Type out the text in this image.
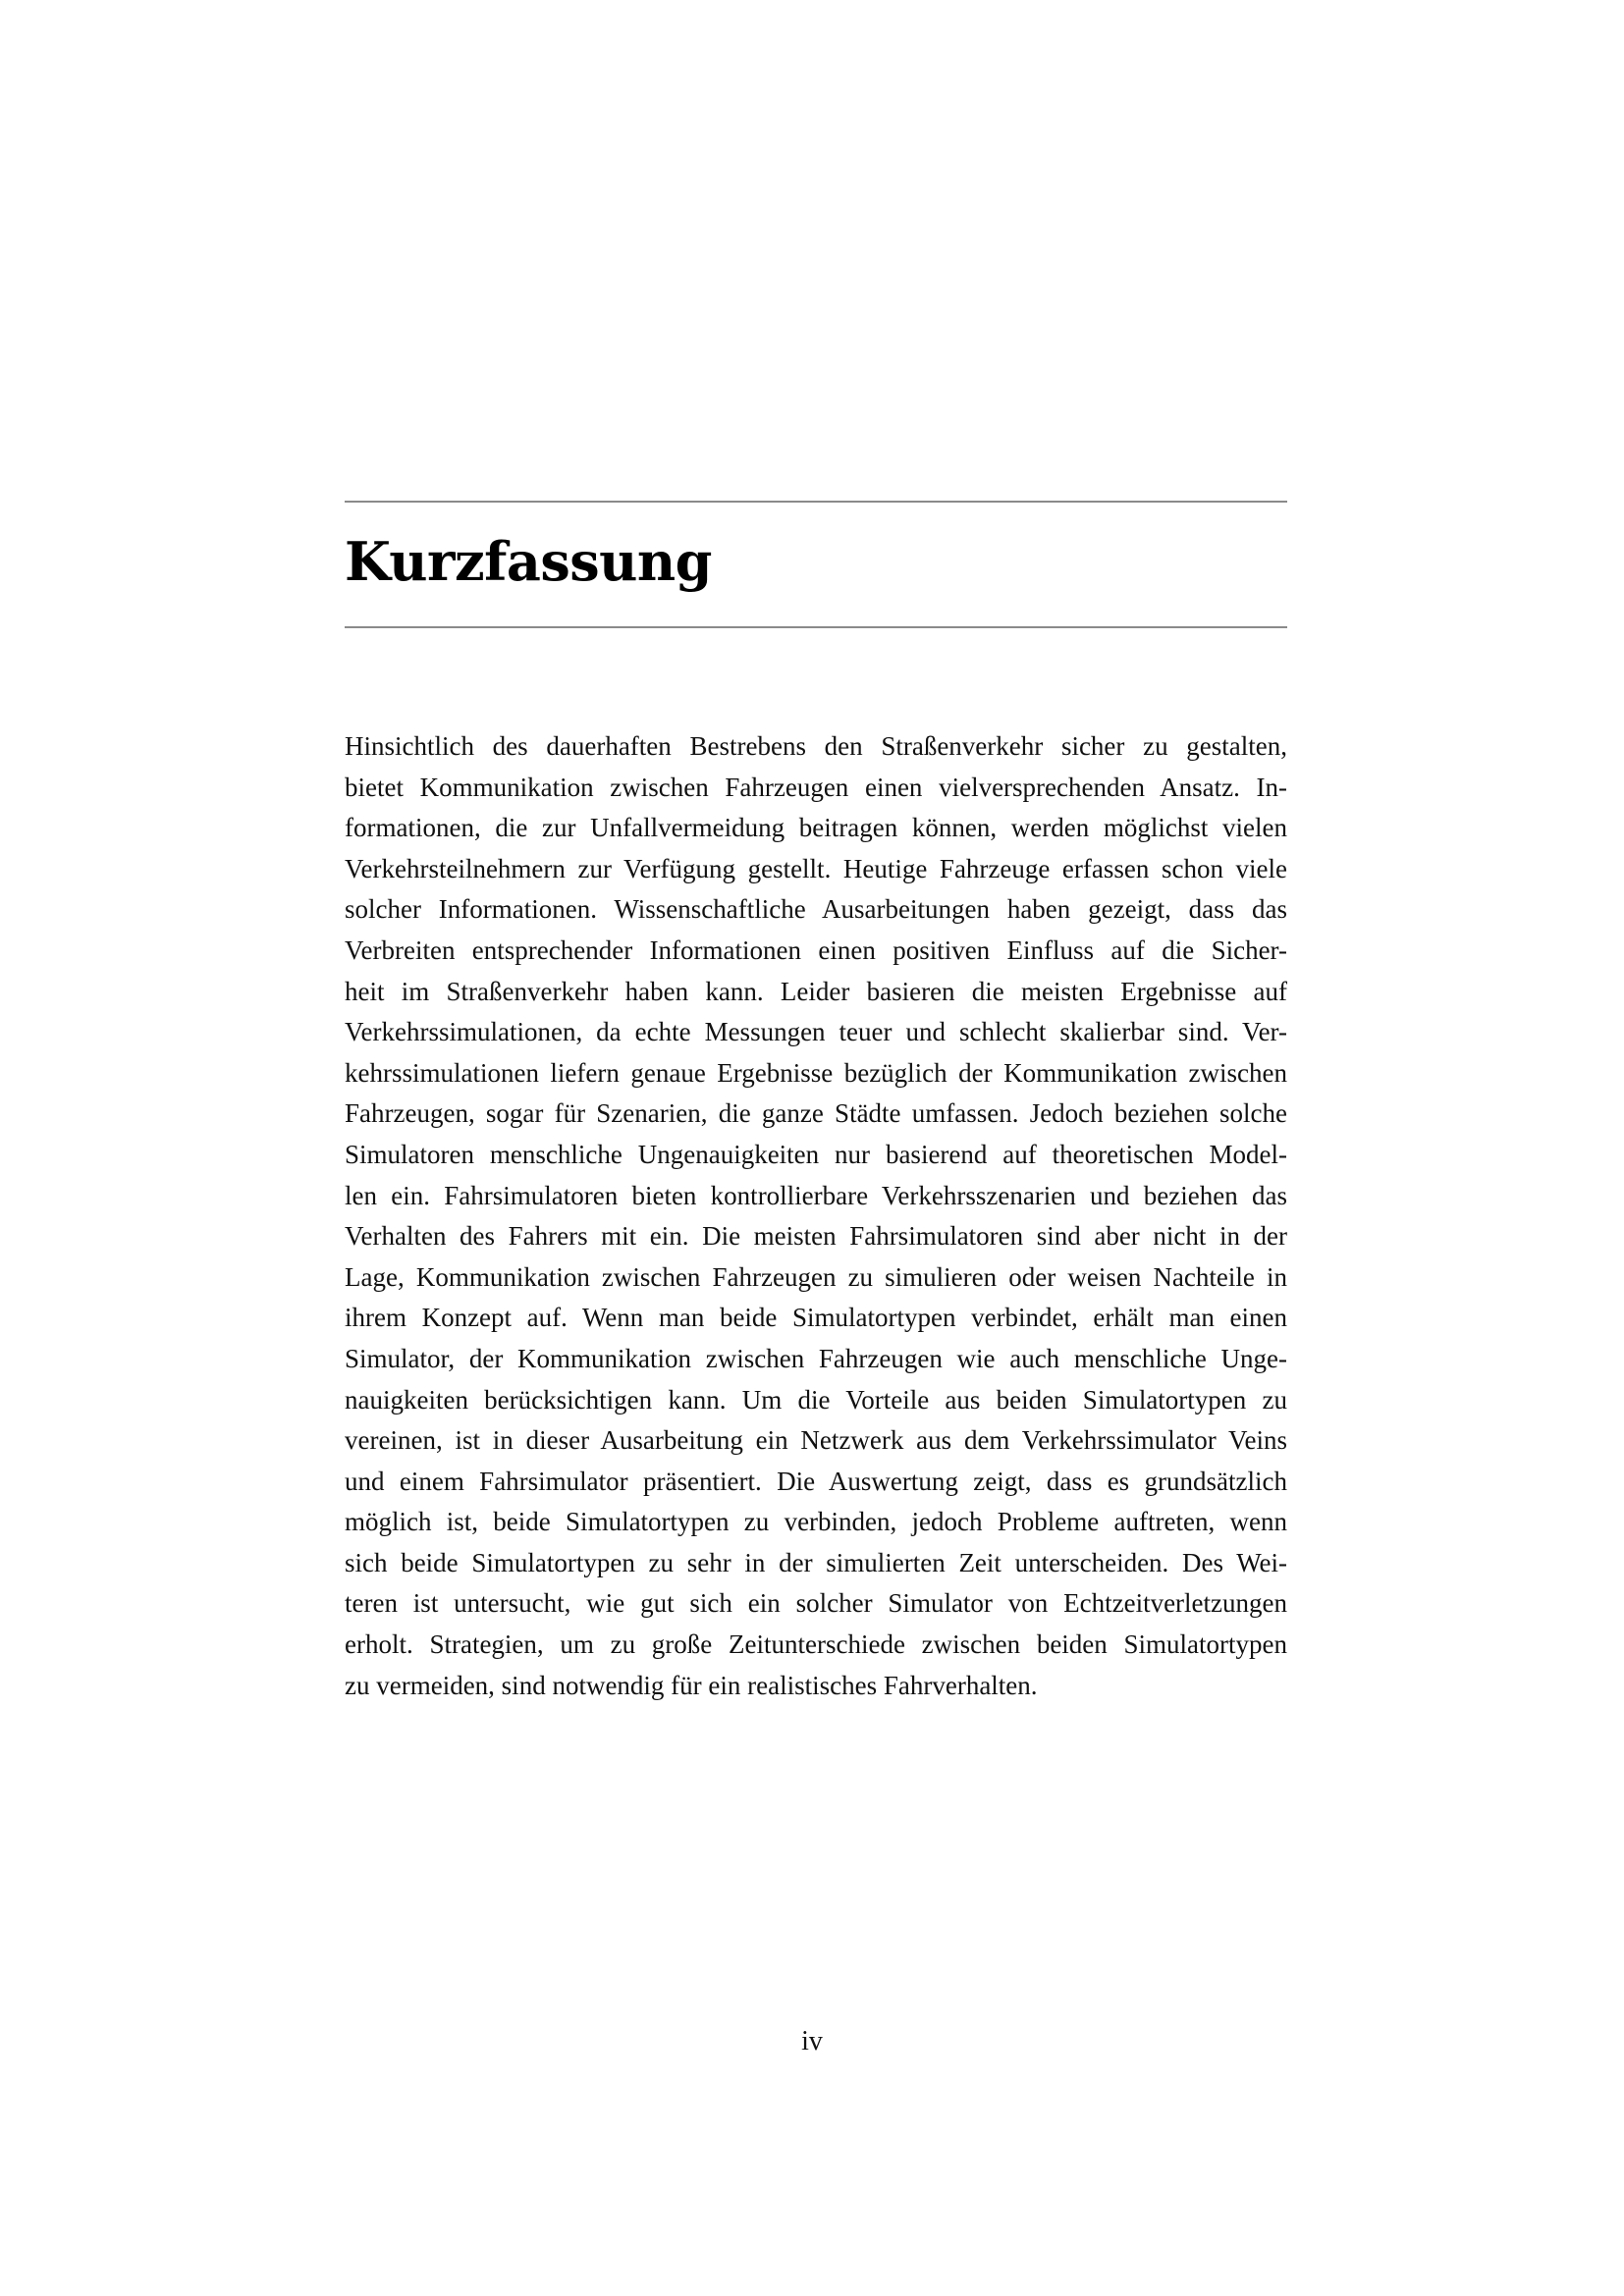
Kurzfassung
Hinsichtlich des dauerhaften Bestrebens den Straßenverkehr sicher zu gestalten,
bietet Kommunikation zwischen Fahrzeugen einen vielversprechenden Ansatz. In-
formationen, die zur Unfallvermeidung beitragen können, werden möglichst vielen
Verkehrsteilnehmern zur Verfügung gestellt. Heutige Fahrzeuge erfassen schon viele
solcher Informationen. Wissenschaftliche Ausarbeitungen haben gezeigt, dass das
Verbreiten entsprechender Informationen einen positiven Einfluss auf die Sicher-
heit im Straßenverkehr haben kann. Leider basieren die meisten Ergebnisse auf
Verkehrssimulationen, da echte Messungen teuer und schlecht skalierbar sind. Ver-
kehrssimulationen liefern genaue Ergebnisse bezüglich der Kommunikation zwischen
Fahrzeugen, sogar für Szenarien, die ganze Städte umfassen. Jedoch beziehen solche
Simulatoren menschliche Ungenauigkeiten nur basierend auf theoretischen Model-
len ein. Fahrsimulatoren bieten kontrollierbare Verkehrsszenarien und beziehen das
Verhalten des Fahrers mit ein. Die meisten Fahrsimulatoren sind aber nicht in der
Lage, Kommunikation zwischen Fahrzeugen zu simulieren oder weisen Nachteile in
ihrem Konzept auf. Wenn man beide Simulatortypen verbindet, erhält man einen
Simulator, der Kommunikation zwischen Fahrzeugen wie auch menschliche Unge-
nauigkeiten berücksichtigen kann. Um die Vorteile aus beiden Simulatortypen zu
vereinen, ist in dieser Ausarbeitung ein Netzwerk aus dem Verkehrssimulator Veins
und einem Fahrsimulator präsentiert. Die Auswertung zeigt, dass es grundsätzlich
möglich ist, beide Simulatortypen zu verbinden, jedoch Probleme auftreten, wenn
sich beide Simulatortypen zu sehr in der simulierten Zeit unterscheiden. Des Wei-
teren ist untersucht, wie gut sich ein solcher Simulator von Echtzeitverletzungen
erholt. Strategien, um zu große Zeitunterschiede zwischen beiden Simulatortypen
zu vermeiden, sind notwendig für ein realistisches Fahrverhalten.
iv
